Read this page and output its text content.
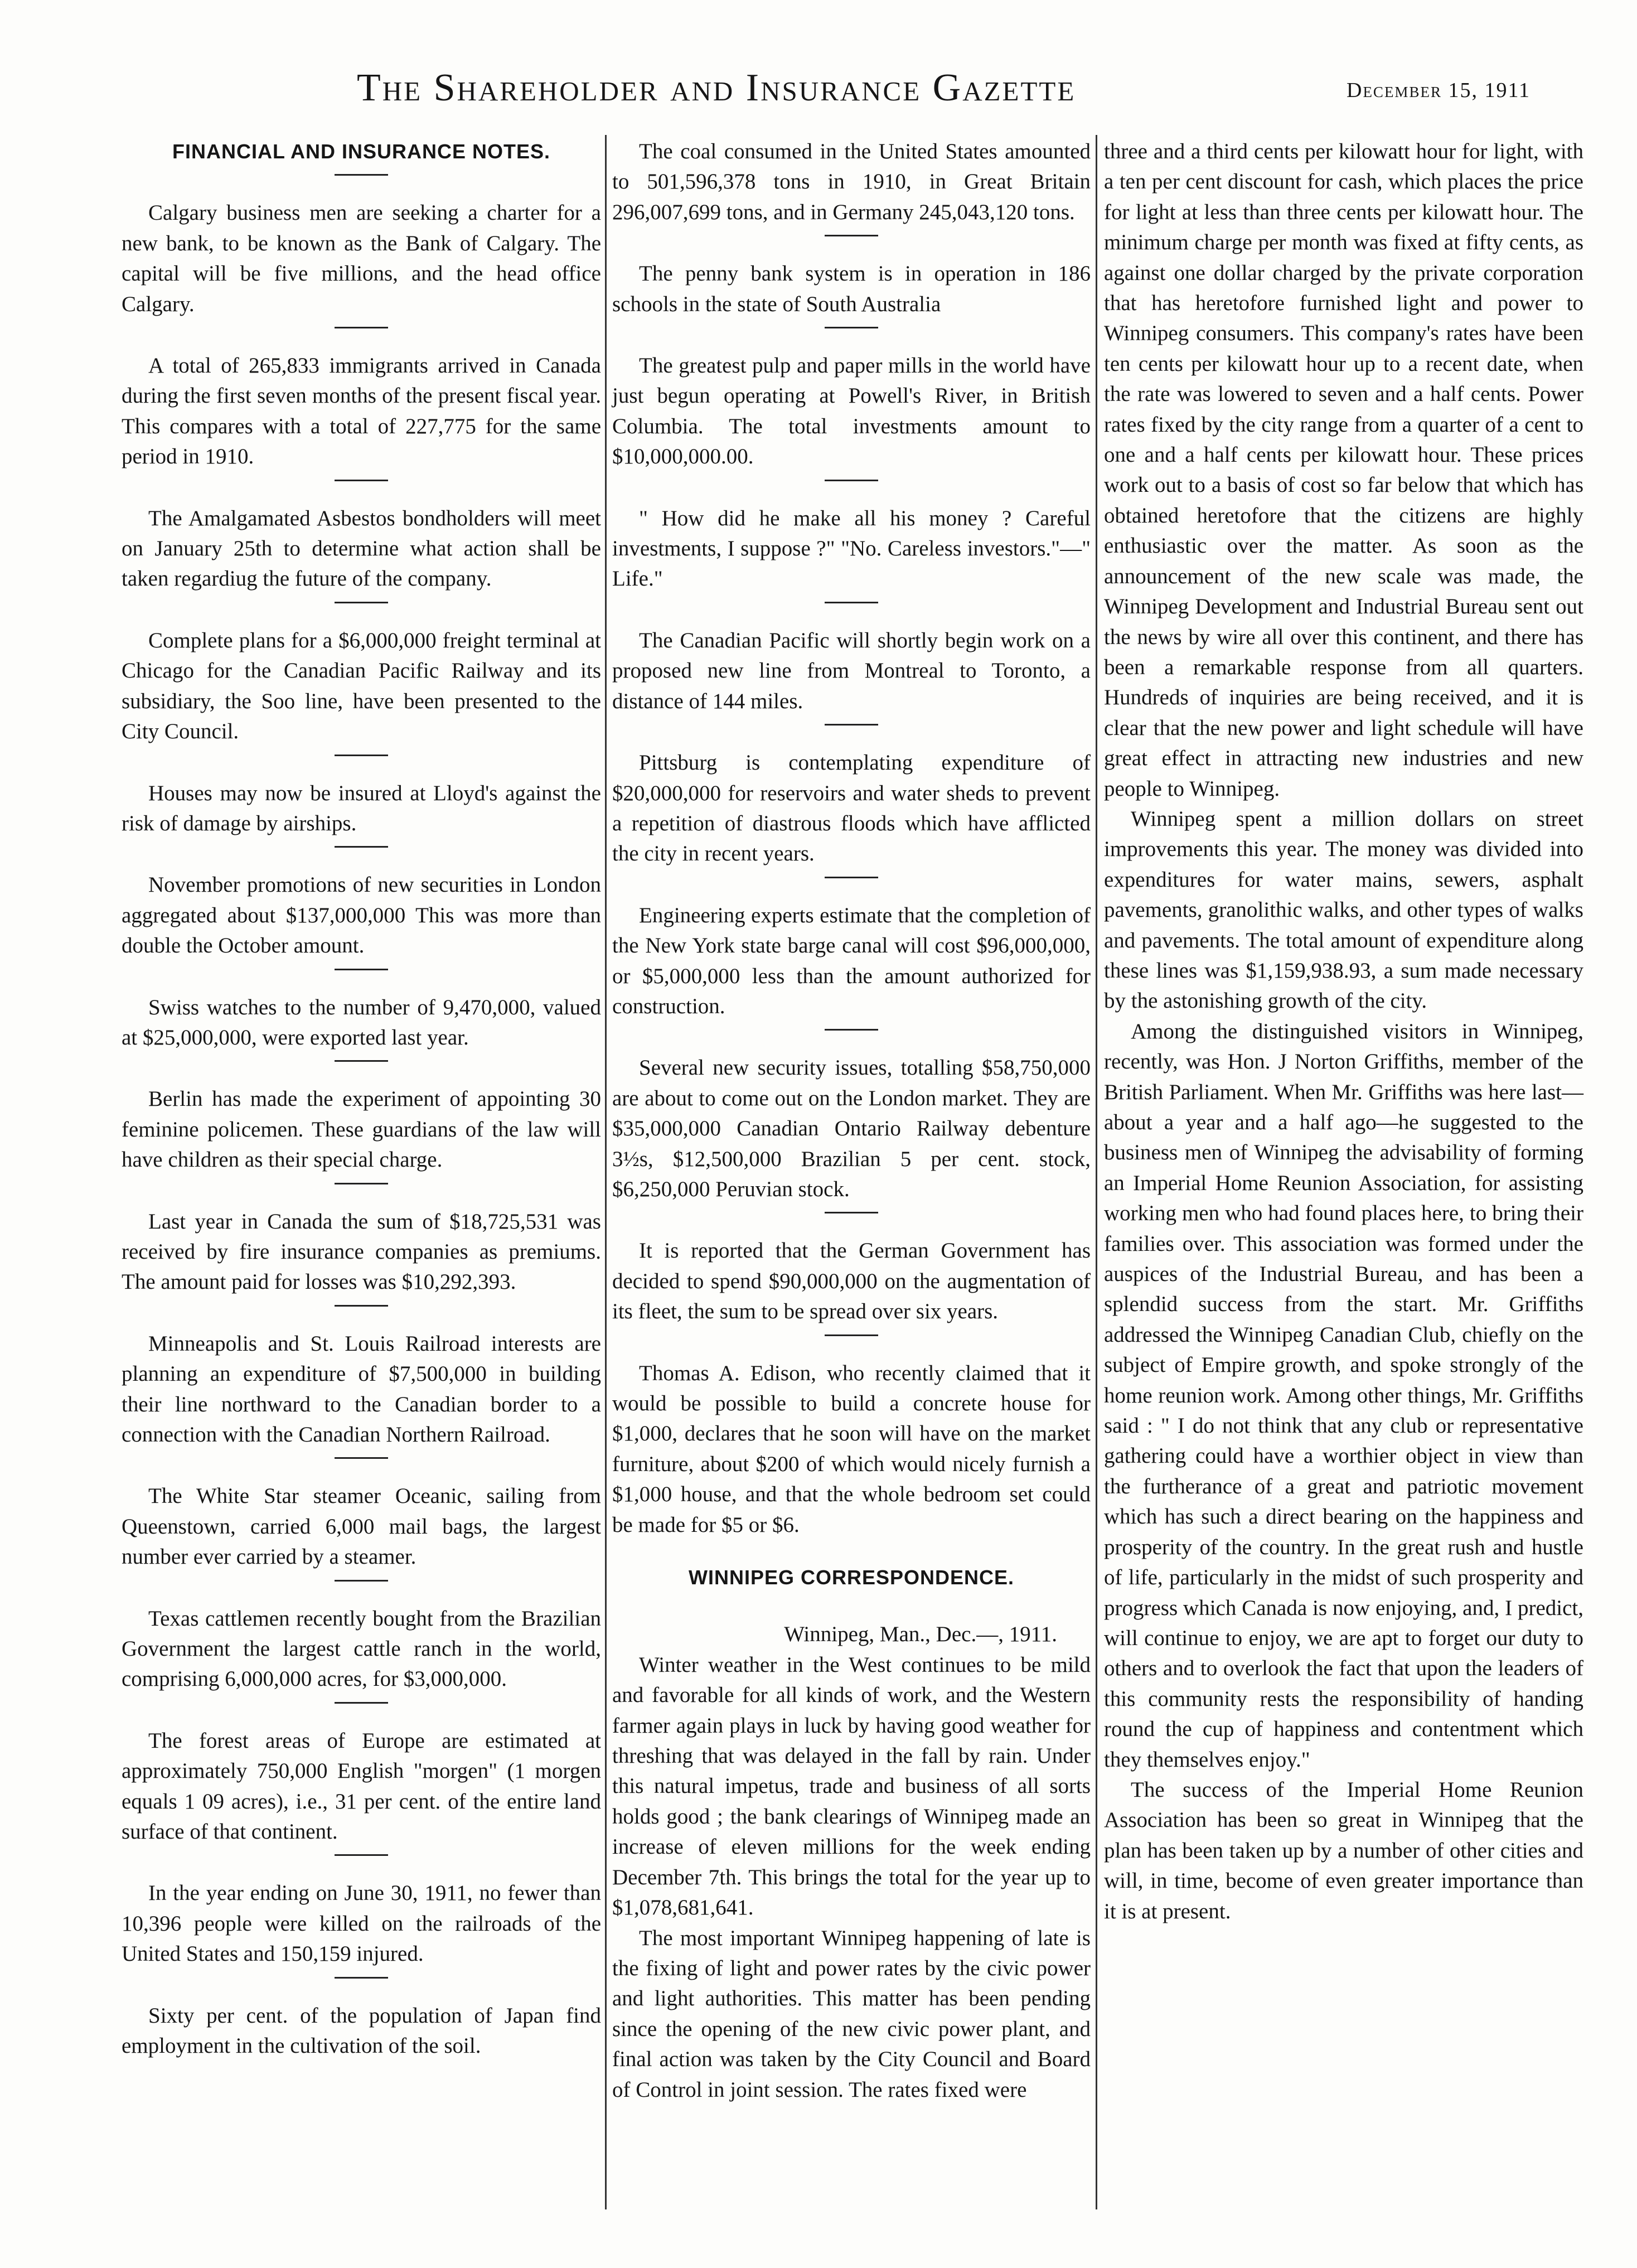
The Shareholder and Insurance Gazette	December 15, 1911
FINANCIAL AND INSURANCE NOTES.

Calgary business men are seeking a charter for a new bank, to be known as the Bank of Calgary. The capital will be five millions, and the head office Calgary.

A total of 265,833 immigrants arrived in Canada during the first seven months of the present fiscal year. This compares with a total of 227,775 for the same period in 1910.

The Amalgamated Asbestos bondholders will meet on January 25th to determine what action shall be taken regardiug the future of the company.

Complete plans for a $6,000,000 freight terminal at Chicago for the Canadian Pacific Railway and its subsidiary, the Soo line, have been presented to the City Council.

Houses may now be insured at Lloyd's against the risk of damage by airships.

November promotions of new securities in London aggregated about $137,000,000 This was more than double the October amount.

Swiss watches to the number of 9,470,000, valued at $25,000,000, were exported last year.

Berlin has made the experiment of appointing 30 feminine policemen. These guardians of the law will have children as their special charge.

Last year in Canada the sum of $18,725,531 was received by fire insurance companies as premiums. The amount paid for losses was $10,292,393.

Minneapolis and St. Louis Railroad interests are planning an expenditure of $7,500,000 in building their line northward to the Canadian border to a connection with the Canadian Northern Railroad.

The White Star steamer Oceanic, sailing from Queenstown, carried 6,000 mail bags, the largest number ever carried by a steamer.

Texas cattlemen recently bought from the Brazilian Government the largest cattle ranch in the world, comprising 6,000,000 acres, for $3,000,000.

The forest areas of Europe are estimated at approximately 750,000 English "morgen" (1 morgen equals 1 09 acres), i.e., 31 per cent. of the entire land surface of that continent.

In the year ending on June 30, 1911, no fewer than 10,396 people were killed on the railroads of the United States and 150,159 injured.

Sixty per cent. of the population of Japan find employment in the cultivation of the soil.

The coal consumed in the United States amounted to 501,596,378 tons in 1910, in Great Britain 296,007,699 tons, and in Germany 245,043,120 tons.

The penny bank system is in operation in 186 schools in the state of South Australia

The greatest pulp and paper mills in the world have just begun operating at Powell's River, in British Columbia. The total investments amount to $10,000,000.00.

" How did he make all his money ? Careful investments, I suppose ?" "No. Careless investors."—" Life."

The Canadian Pacific will shortly begin work on a proposed new line from Montreal to Toronto, a distance of 144 miles.

Pittsburg is contemplating expenditure of $20,000,000 for reservoirs and water sheds to prevent a repetition of diastrous floods which have afflicted the city in recent years.

Engineering experts estimate that the completion of the New York state barge canal will cost $96,000,000, or $5,000,000 less than the amount authorized for construction.

Several new security issues, totalling $58,750,000 are about to come out on the London market. They are $35,000,000 Canadian Ontario Railway debenture 3½s, $12,500,000 Brazilian 5 per cent. stock, $6,250,000 Peruvian stock.

It is reported that the German Government has decided to spend $90,000,000 on the augmentation of its fleet, the sum to be spread over six years.

Thomas A. Edison, who recently claimed that it would be possible to build a concrete house for $1,000, declares that he soon will have on the market furniture, about $200 of which would nicely furnish a $1,000 house, and that the whole bedroom set could be made for $5 or $6.

WINNIPEG CORRESPONDENCE.

Winnipeg, Man., Dec.—, 1911.

Winter weather in the West continues to be mild and favorable for all kinds of work, and the Western farmer again plays in luck by having good weather for threshing that was delayed in the fall by rain. Under this natural impetus, trade and business of all sorts holds good ; the bank clearings of Winnipeg made an increase of eleven millions for the week ending December 7th. This brings the total for the year up to $1,078,681,641.

The most important Winnipeg happening of late is the fixing of light and power rates by the civic power and light authorities. This matter has been pending since the opening of the new civic power plant, and final action was taken by the City Council and Board of Control in joint session. The rates fixed were

three and a third cents per kilowatt hour for light, with a ten per cent discount for cash, which places the price for light at less than three cents per kilowatt hour. The minimum charge per month was fixed at fifty cents, as against one dollar charged by the private corporation that has heretofore furnished light and power to Winnipeg consumers. This company's rates have been ten cents per kilowatt hour up to a recent date, when the rate was lowered to seven and a half cents. Power rates fixed by the city range from a quarter of a cent to one and a half cents per kilowatt hour. These prices work out to a basis of cost so far below that which has obtained heretofore that the citizens are highly enthusiastic over the matter. As soon as the announcement of the new scale was made, the Winnipeg Development and Industrial Bureau sent out the news by wire all over this continent, and there has been a remarkable response from all quarters. Hundreds of inquiries are being received, and it is clear that the new power and light schedule will have great effect in attracting new industries and new people to Winnipeg.

Winnipeg spent a million dollars on street improvements this year. The money was divided into expenditures for water mains, sewers, asphalt pavements, granolithic walks, and other types of walks and pavements. The total amount of expenditure along these lines was $1,159,938.93, a sum made necessary by the astonishing growth of the city.

Among the distinguished visitors in Winnipeg, recently, was Hon. J Norton Griffiths, member of the British Parliament. When Mr. Griffiths was here last—about a year and a half ago—he suggested to the business men of Winnipeg the advisability of forming an Imperial Home Reunion Association, for assisting working men who had found places here, to bring their families over. This association was formed under the auspices of the Industrial Bureau, and has been a splendid success from the start. Mr. Griffiths addressed the Winnipeg Canadian Club, chiefly on the subject of Empire growth, and spoke strongly of the home reunion work. Among other things, Mr. Griffiths said : " I do not think that any club or representative gathering could have a worthier object in view than the furtherance of a great and patriotic movement which has such a direct bearing on the happiness and prosperity of the country. In the great rush and hustle of life, particularly in the midst of such prosperity and progress which Canada is now enjoying, and, I predict, will continue to enjoy, we are apt to forget our duty to others and to overlook the fact that upon the leaders of this community rests the responsibility of handing round the cup of happiness and contentment which they themselves enjoy."

The success of the Imperial Home Reunion Association has been so great in Winnipeg that the plan has been taken up by a number of other cities and will, in time, become of even greater importance than it is at present.
